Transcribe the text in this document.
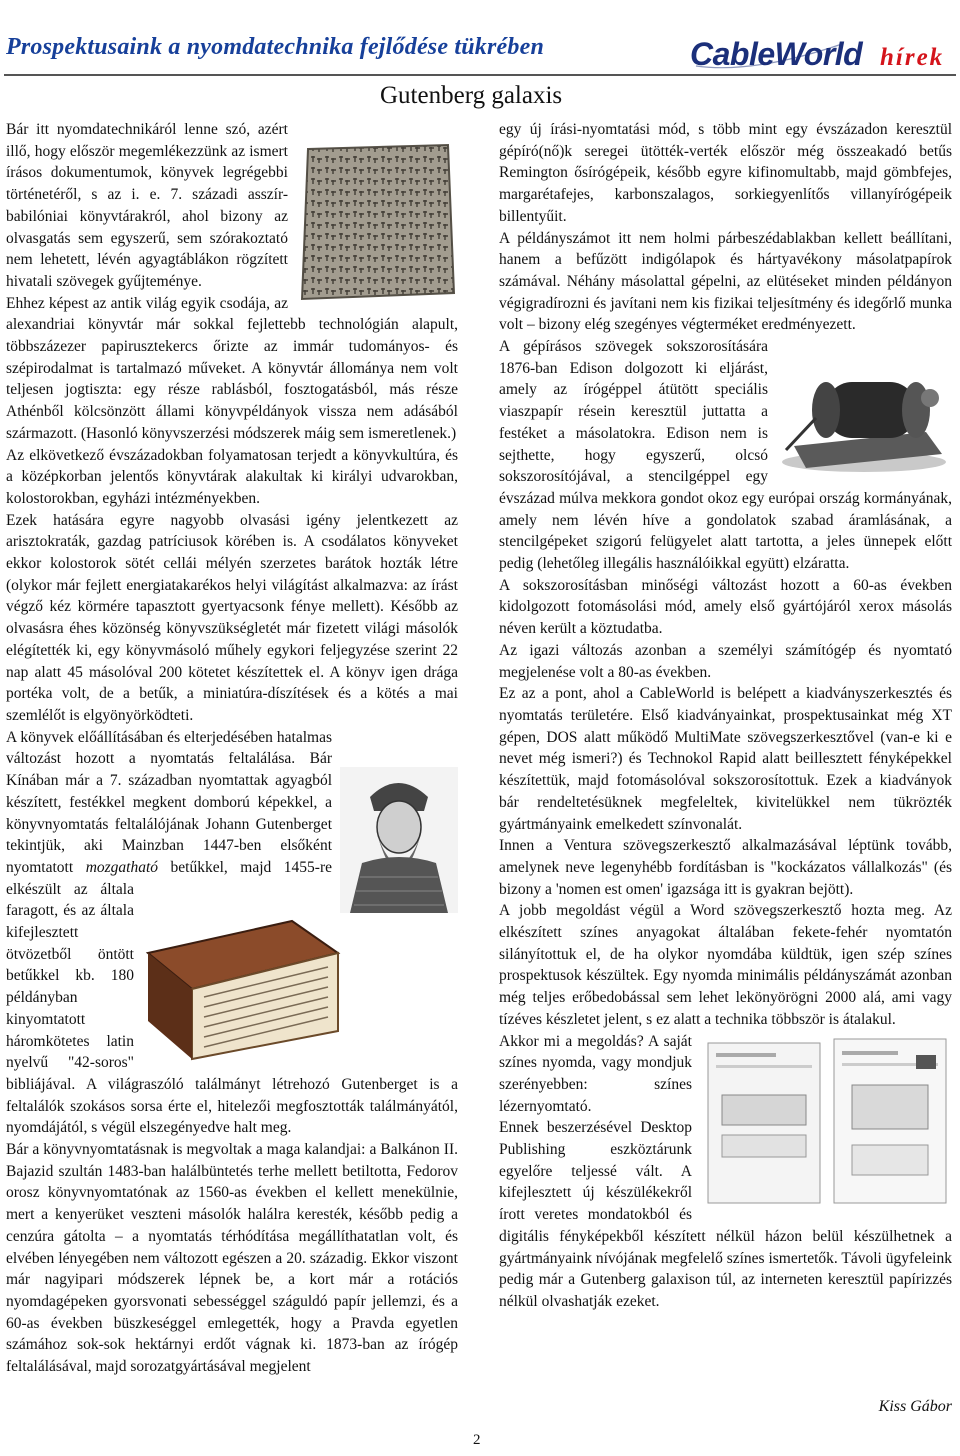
Prospektusaink a nyomdatechnika fejlődése tükrében	CableWorld hírek
Gutenberg galaxis

Bár itt nyomdatechnikáról lenne szó, azért illő, hogy először megemlékezzünk az ismert írásos dokumentumok, könyvek legrégebbi történetéről, s az i. e. 7. századi asszír-babilóniai könyvtárakról, ahol bizony az olvasgatás sem egyszerű, sem szórakoztató nem lehetett, lévén agyagtáblákon rögzített hivatali szövegek gyűjteménye.

Ehhez képest az antik világ egyik csodája, az alexandriai könyvtár már sokkal fejlettebb technológián alapult, többszázezer papirusztekercs őrizte az immár tudományos- és szépirodalmat is tartalmazó műveket. A könyvtár állománya nem volt teljesen jogtiszta: egy része rablásból, fosztogatásból, más része Athénből kölcsönzött állami könyvpéldányok vissza nem adásából származott. (Hasonló könyvszerzési módszerek máig sem ismeretlenek.)

Az elkövetkező évszázadokban folyamatosan terjedt a könyvkultúra, és a középkorban jelentős könyvtárak alakultak ki királyi udvarokban, kolostorokban, egyházi intézményekben.

Ezek hatására egyre nagyobb olvasási igény jelentkezett az arisztokraták, gazdag patríciusok körében is. A csodálatos könyveket ekkor kolostorok sötét cellái mélyén szerzetes barátok hozták létre (olykor már fejlett energiatakarékos helyi világítást alkalmazva: az írást végző kéz körmére tapasztott gyertyacsonk fénye mellett). Később az olvasásra éhes közönség könyvszükségletét már fizetett világi másolók elégítették ki, egy könyvmásoló műhely egykori feljegyzése szerint 22 nap alatt 45 másolóval 200 kötetet készítettek el. A könyv igen drága portéka volt, de a betűk, a miniatúra-díszítések és a kötés a mai szemlélőt is elgyönyörködteti.

A könyvek előállításában és elterjedésében hatalmas változást hozott a nyomtatás feltalálása. Bár Kínában már a 7. században nyomtattak agyagból készített, festékkel megkent domború képekkel, a könyvnyomtatás feltalálójának Johann Gutenberget tekintjük, aki Mainzban 1447-ben elsőként nyomtatott mozgatható betűkkel, majd 1455-re elkészült az általa faragott, és az általa kifejlesztett ötvözetből öntött betűkkel kb. 180 példányban kinyomtatott háromkötetes latin nyelvű "42-soros" bibliájával. A világraszóló találmányt létrehozó Gutenberget is a feltalálók szokásos sorsa érte el, hitelezői megfosztották találmányától, nyomdájától, s végül elszegényedve halt meg.

Bár a könyvnyomtatásnak is megvoltak a maga kalandjai: a Balkánon II. Bajazid szultán 1483-ban halálbüntetés terhe mellett betiltotta, Fedorov orosz könyvnyomtatónak az 1560-as években el kellett menekülnie, mert a kenyerüket veszteni másolók halálra keresték, később pedig a cenzúra gátolta – a nyomtatás térhódítása megállíthatatlan volt, és elvében lényegében nem változott egészen a 20. századig. Ekkor viszont már nagyipari módszerek lépnek be, a kort már a rotációs nyomdagépeken gyorsvonati sebességgel száguldó papír jellemzi, és a 60-as években büszkeséggel emlegették, hogy a Pravda egyetlen számához sok-sok hektárnyi erdőt vágnak ki. 1873-ban az írógép feltalálásával, majd sorozatgyártásával megjelent

egy új írási-nyomtatási mód, s több mint egy évszázadon keresztül gépíró(nő)k seregei ütötték-verték először még összeakadó betűs Remington ősírógépeik, később egyre kifinomultabb, majd gömbfejes, margarétafejes, karbonszalagos, sorkiegyenlítős villanyírógépeik billentyűit.

A példányszámot itt nem holmi párbeszédablakban kellett beállítani, hanem a befűzött indigólapok és hártyavékony másolatpapírok számával. Néhány másolattal gépelni, az elütéseket minden példányon végigradírozni és javítani nem kis fizikai teljesítmény és idegőrlő munka volt – bizony elég szegényes végterméket eredményezett.

A gépírásos szövegek sokszorosítására 1876-ban Edison dolgozott ki eljárást, amely az írógéppel átütött speciális viaszpapír résein keresztül juttatta a festéket a másolatokra. Edison nem is sejthette, hogy egyszerű, olcsó sokszorosítójával, a stencilgéppel egy évszázad múlva mekkora gondot okoz egy európai ország kormányának, amely nem lévén híve a gondolatok szabad áramlásának, a stencilgépeket szigorú felügyelet alatt tartotta, a jeles ünnepek előtt pedig (lehetőleg illegális használóikkal együtt) elzáratta.

A sokszorosításban minőségi változást hozott a 60-as években kidolgozott fotomásolási mód, amely első gyártójáról xerox másolás néven került a köztudatba.

Az igazi változás azonban a személyi számítógép és nyomtató megjelenése volt a 80-as években.

Ez az a pont, ahol a CableWorld is belépett a kiadványszerkesztés és nyomtatás területére. Első kiadványainkat, prospektusainkat még XT gépen, DOS alatt működő MultiMate szövegszerkesztővel (van-e ki e nevet még ismeri?) és Technokol Rapid alatt beillesztett fényképekkel készítettük, majd fotomásolóval sokszorosítottuk. Ezek a kiadványok bár rendeltetésüknek megfeleltek, kivitelükkel nem tükrözték gyártmányaink emelkedett színvonalát.

Innen a Ventura szövegszerkesztő alkalmazásával léptünk tovább, amelynek neve legenyhébb fordításban is "kockázatos vállalkozás" (és bizony a 'nomen est omen' igazsága itt is gyakran bejött).

A jobb megoldást végül a Word szövegszerkesztő hozta meg. Az elkészített színes anyagokat általában fekete-fehér nyomtatón silányítottuk el, de ha olykor nyomdába küldtük, igen szép színes prospektusok készültek. Egy nyomda minimális példányszámát azonban még teljes erőbedobással sem lehet lekönyörögni 2000 alá, ami vagy tízéves készletet jelent, s ez alatt a technika többször is átalakul.

Akkor mi a megoldás? A saját színes nyomda, vagy mondjuk szerényebben: színes lézernyomtató.

Ennek beszerzésével Desktop Publishing eszköztárunk egyelőre teljessé vált. A kifejlesztett új készülékekről írott veretes mondatokból és digitális fényképekből készített nélkül házon belül készülhetnek a gyártmányaink nívójának megfelelő színes ismertetők. Távoli ügyfeleink pedig már a Gutenberg galaxison túl, az interneten keresztül papírizzés nélkül olvashatják ezeket.

Kiss Gábor
2
